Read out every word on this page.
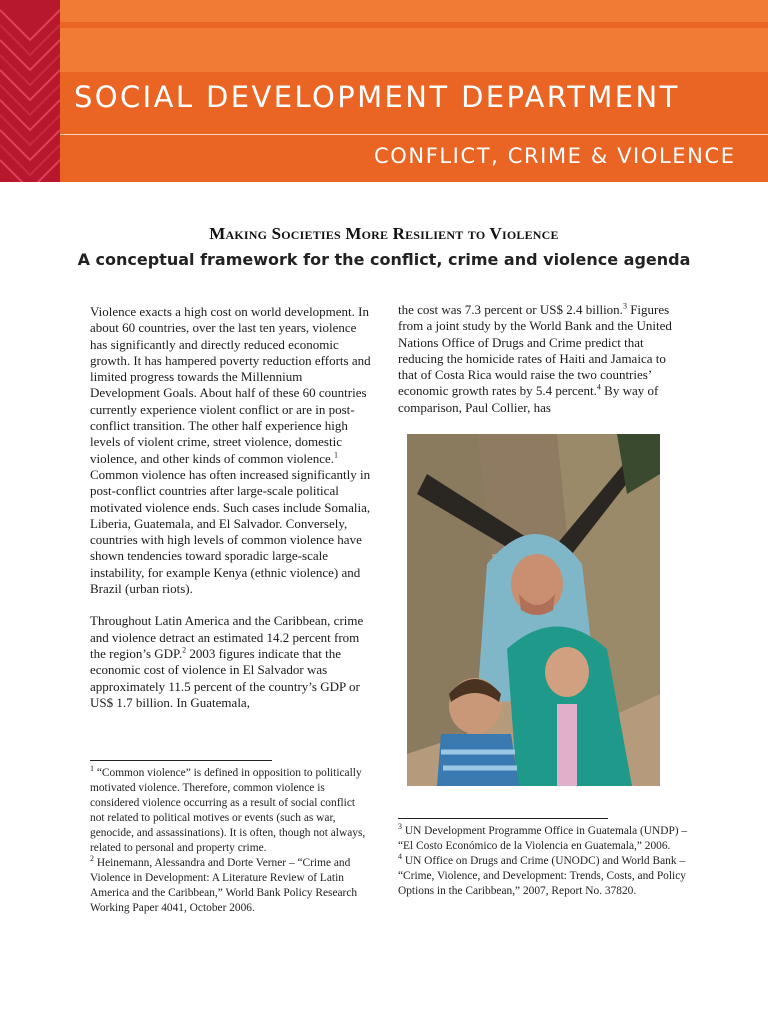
SOCIAL DEVELOPMENT DEPARTMENT
CONFLICT, CRIME & VIOLENCE
Making Societies More Resilient to Violence
A conceptual framework for the conflict, crime and violence agenda

Violence exacts a high cost on world development. In about 60 countries, over the last ten years, violence has significantly and directly reduced economic growth. It has hampered poverty reduction efforts and limited progress towards the Millennium Development Goals. About half of these 60 countries currently experience violent conflict or are in post-conflict transition. The other half experience high levels of violent crime, street violence, domestic violence, and other kinds of common violence.$^1$ Common violence has often increased significantly in post-conflict countries after large-scale political motivated violence ends. Such cases include Somalia, Liberia, Guatemala, and El Salvador. Conversely, countries with high levels of common violence have shown tendencies toward sporadic large-scale instability, for example Kenya (ethnic violence) and Brazil (urban riots).

Throughout Latin America and the Caribbean, crime and violence detract an estimated 14.2 percent from the region’s GDP.$^2$ 2003 figures indicate that the economic cost of violence in El Salvador was approximately 11.5 percent of the country’s GDP or US$ 1.7 billion. In Guatemala,

the cost was 7.3 percent or US$ 2.4 billion.$^3$ Figures from a joint study by the World Bank and the United Nations Office of Drugs and Crime predict that reducing the homicide rates of Haiti and Jamaica to that of Costa Rica would raise the two countries’ economic growth rates by 5.4 percent.$^4$ By way of comparison, Paul Collier, has

$^1$ “Common violence” is defined in opposition to politically motivated violence. Therefore, common violence is considered violence occurring as a result of social conflict not related to political motives or events (such as war, genocide, and assassinations). It is often, though not always, related to personal and property crime.
$^2$ Heinemann, Alessandra and Dorte Verner – “Crime and Violence in Development: A Literature Review of Latin America and the Caribbean,” World Bank Policy Research Working Paper 4041, October 2006.
$^3$ UN Development Programme Office in Guatemala (UNDP) – “El Costo Económico de la Violencia en Guatemala,” 2006.
$^4$ UN Office on Drugs and Crime (UNODC) and World Bank – “Crime, Violence, and Development: Trends, Costs, and Policy Options in the Caribbean,” 2007, Report No. 37820.
